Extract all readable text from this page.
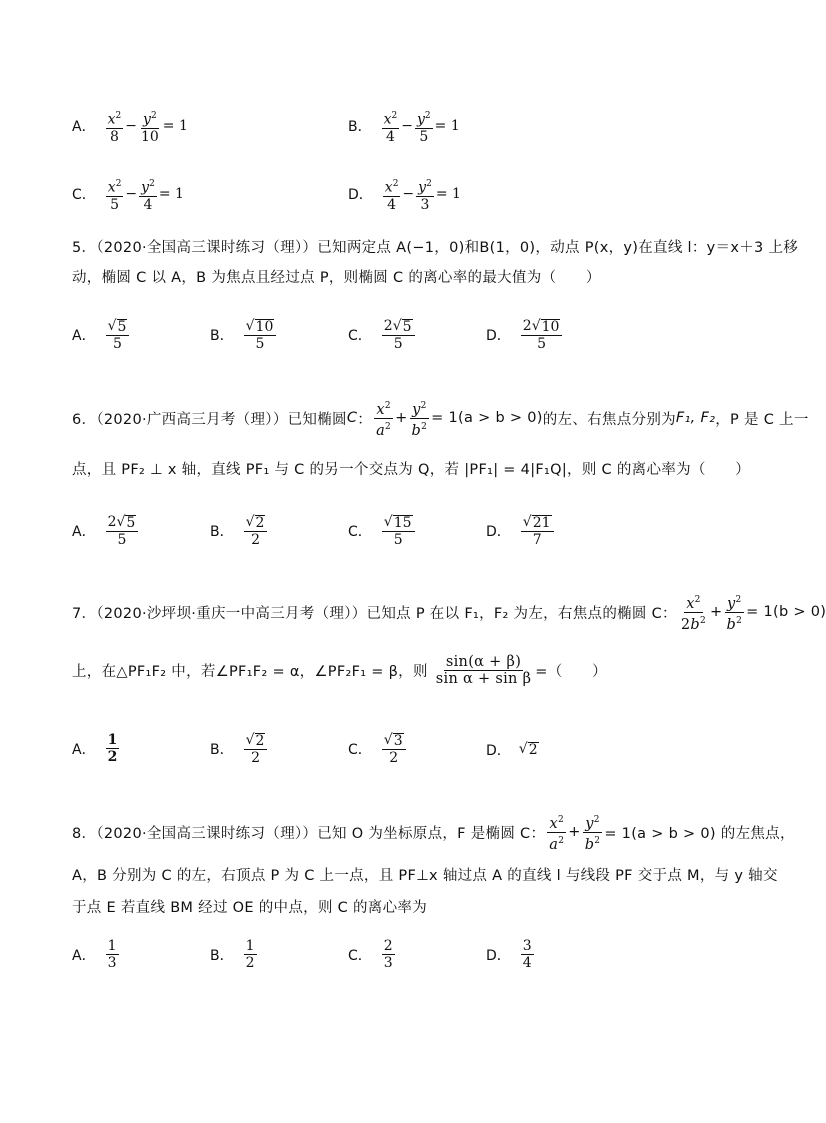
A． $\frac{x^2}{8} - \frac{y^2}{10} = 1$	B． $\frac{x^2}{4} - \frac{y^2}{5} = 1$
C． $\frac{x^2}{5} - \frac{y^2}{4} = 1$	D． $\frac{x^2}{4} - \frac{y^2}{3} = 1$
5．（2020·全国高三课时练习（理））已知两定点 A(−1，0)和B(1，0)，动点 P(x，y)在直线 l：y＝x＋3 上移
动，椭圆 C 以 A，B 为焦点且经过点 P，则椭圆 C 的离心率的最大值为（　　）
A． $\frac{√ 5}{5}$	B． $\frac{√ 10}{5}$	C． $\frac{2 √ 5}{5}$	D． $\frac{2 √ 10}{5}$
6．（2020·广西高三月考（理））已知椭圆 C ： $\frac{x^2}{a^2} + \frac{y^2}{b^2} = 1(a > b > 0)$ 的左、右焦点分别为 F₁, F₂ ，P 是 C 上一
点，且 PF₂ ⊥ x 轴，直线 PF₁ 与 C 的另一个交点为 Q，若 |PF₁| = 4|F₁Q|，则 C 的离心率为（　　）
A． $\frac{2 √ 5}{5}$	B． $\frac{√ 2}{2}$	C． $\frac{√ 15}{5}$	D． $\frac{√ 21}{7}$
7．（2020·沙坪坝·重庆一中高三月考（理））已知点 P 在以 F₁，F₂ 为左，右焦点的椭圆 C： $\frac{x^2}{2b^2} + \frac{y^2}{b^2} = 1(b > 0)$
上，在△PF₁F₂ 中，若∠PF₁F₂ = α，∠PF₂F₁ = β，则 $\frac{\sin(\alpha + \beta)}{\text{sin α + sin β}}$ =（　　）
A． $\frac{1}{2}$	B． $\frac{√ 2}{2}$	C． $\frac{√ 3}{2}$	D． √ 2
8．（2020·全国高三课时练习（理））已知 O 为坐标原点，F 是椭圆 C： $\frac{x^2}{a^2} + \frac{y^2}{b^2} = 1(a > b > 0)$ 的左焦点，
A，B 分别为 C 的左，右顶点 P 为 C 上一点，且 PF⊥x 轴过点 A 的直线 l 与线段 PF 交于点 M，与 y 轴交
于点 E 若直线 BM 经过 OE 的中点，则 C 的离心率为
A． $\frac{1}{3}$	B． $\frac{1}{2}$	C． $\frac{2}{3}$	D． $\frac{3}{4}$
